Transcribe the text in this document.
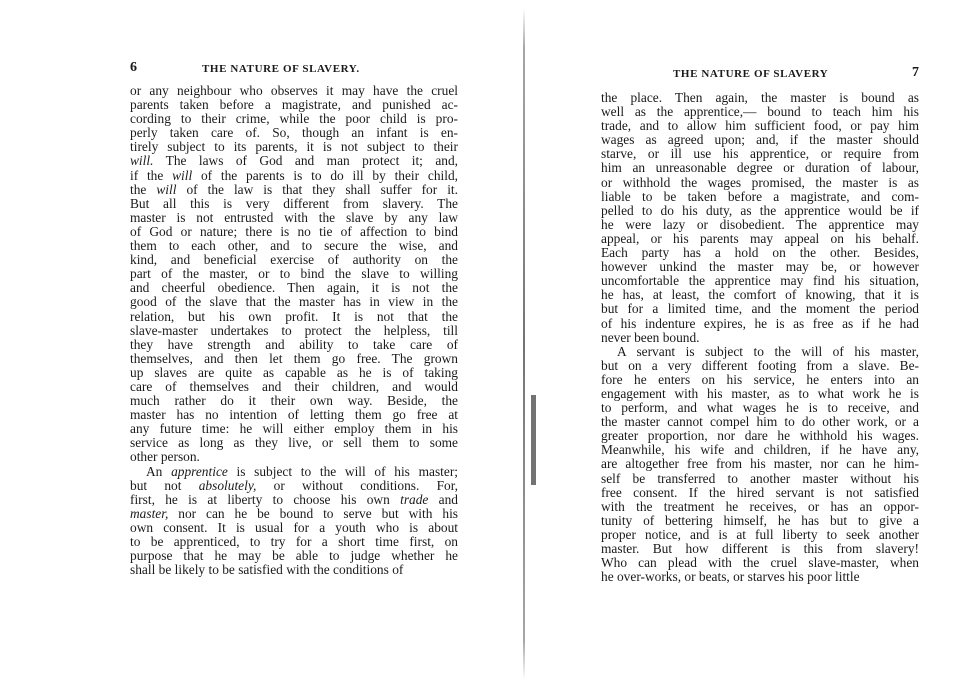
6	THE NATURE OF SLAVERY.
or any neighbour who observes it may have the cruel
parents taken before a magistrate, and punished ac-
cording to their crime, while the poor child is pro-
perly taken care of. So, though an infant is en-
tirely subject to its parents, it is not subject to their
will. The laws of God and man protect it; and,
if the will of the parents is to do ill by their child,
the will of the law is that they shall suffer for it.
But all this is very different from slavery. The
master is not entrusted with the slave by any law
of God or nature; there is no tie of affection to bind
them to each other, and to secure the wise, and
kind, and beneficial exercise of authority on the
part of the master, or to bind the slave to willing
and cheerful obedience. Then again, it is not the
good of the slave that the master has in view in the
relation, but his own profit. It is not that the
slave-master undertakes to protect the helpless, till
they have strength and ability to take care of
themselves, and then let them go free. The grown
up slaves are quite as capable as he is of taking
care of themselves and their children, and would
much rather do it their own way. Beside, the
master has no intention of letting them go free at
any future time: he will either employ them in his
service as long as they live, or sell them to some
other person.
An apprentice is subject to the will of his master;
but not absolutely, or without conditions. For,
first, he is at liberty to choose his own trade and
master, nor can he be bound to serve but with his
own consent. It is usual for a youth who is about
to be apprenticed, to try for a short time first, on
purpose that he may be able to judge whether he
shall be likely to be satisfied with the conditions of
THE NATURE OF SLAVERY	7
the place. Then again, the master is bound as
well as the apprentice,— bound to teach him his
trade, and to allow him sufficient food, or pay him
wages as agreed upon; and, if the master should
starve, or ill use his apprentice, or require from
him an unreasonable degree or duration of labour,
or withhold the wages promised, the master is as
liable to be taken before a magistrate, and com-
pelled to do his duty, as the apprentice would be if
he were lazy or disobedient. The apprentice may
appeal, or his parents may appeal on his behalf.
Each party has a hold on the other. Besides,
however unkind the master may be, or however
uncomfortable the apprentice may find his situation,
he has, at least, the comfort of knowing, that it is
but for a limited time, and the moment the period
of his indenture expires, he is as free as if he had
never been bound.
A servant is subject to the will of his master,
but on a very different footing from a slave. Be-
fore he enters on his service, he enters into an
engagement with his master, as to what work he is
to perform, and what wages he is to receive, and
the master cannot compel him to do other work, or a
greater proportion, nor dare he withhold his wages.
Meanwhile, his wife and children, if he have any,
are altogether free from his master, nor can he him-
self be transferred to another master without his
free consent. If the hired servant is not satisfied
with the treatment he receives, or has an oppor-
tunity of bettering himself, he has but to give a
proper notice, and is at full liberty to seek another
master. But how different is this from slavery!
Who can plead with the cruel slave-master, when
he over-works, or beats, or starves his poor little
